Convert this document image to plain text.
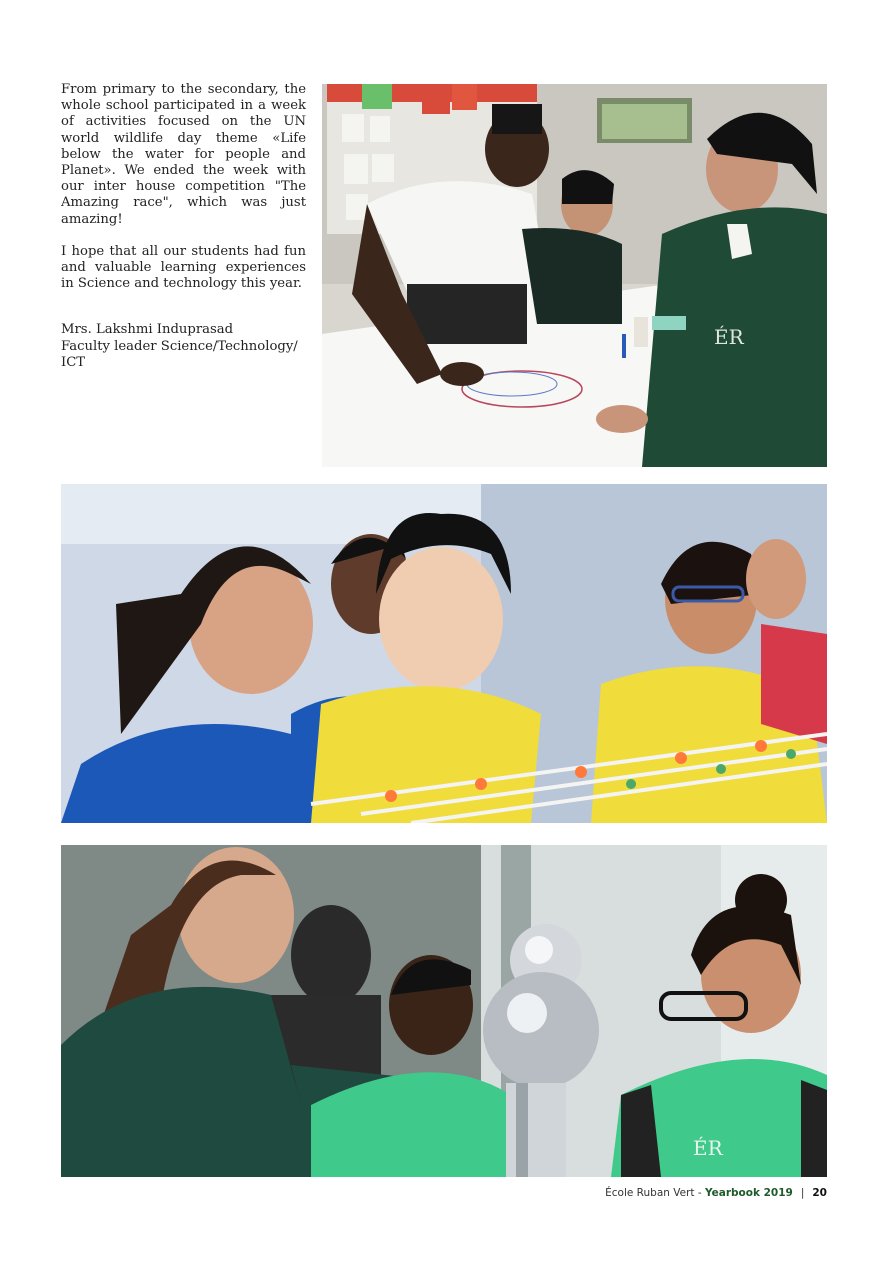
From primary to the secondary, the whole school participated in a week of activities focused on the UN world wildlife day theme «Life below the water for people and Planet». We ended the week with our inter house competition "The Amazing race", which was just amazing!

I hope that all our students had fun and valuable learning experiences in Science and technology this year.

Mrs. Lakshmi Induprasad
Faculty leader Science/Technology/ ICT
ÉR
ÉR
École Ruban Vert - Yearbook 2019 | 20
